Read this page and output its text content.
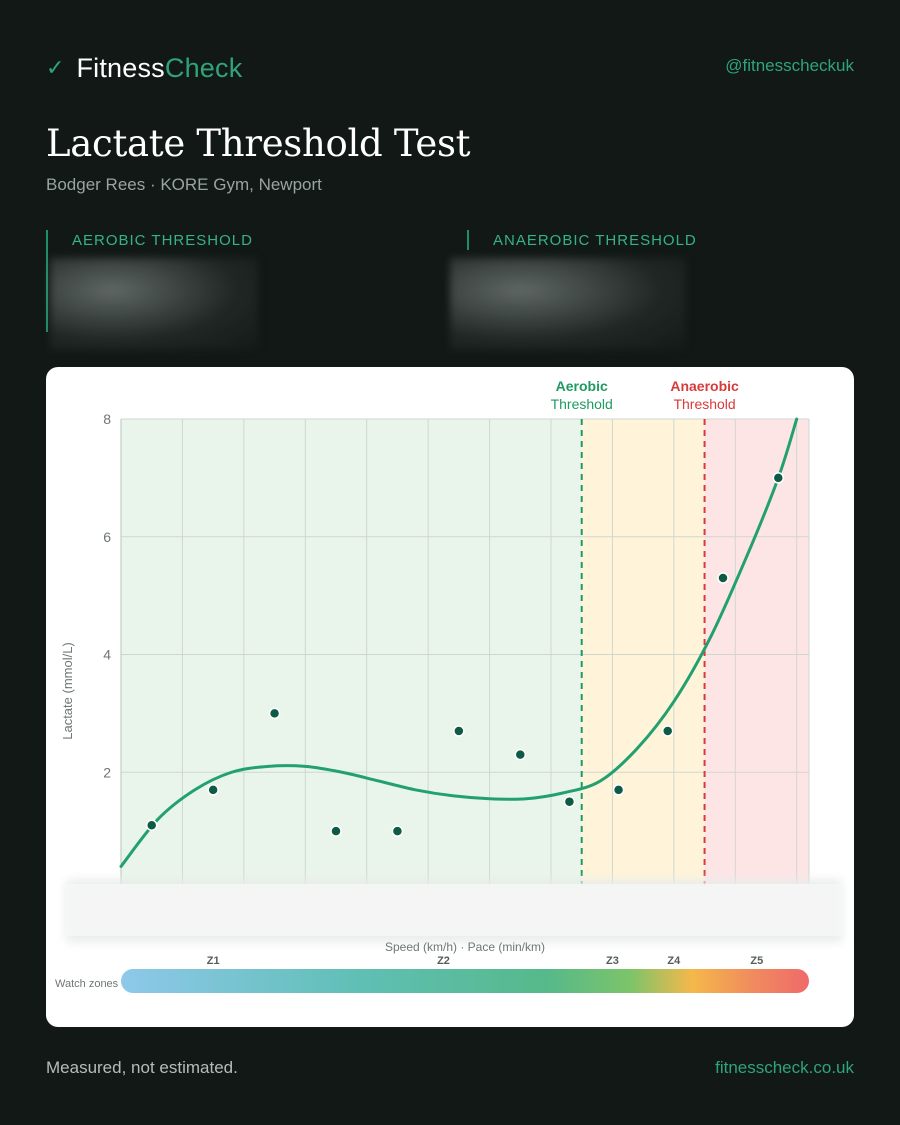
✓ FitnessCheck	@fitnesscheckuk
Lactate Threshold Test
Bodger Rees · KORE Gym, Newport
AEROBIC THRESHOLD	ANAEROBIC THRESHOLD
2
4
6
8
Aerobic
Threshold
Anaerobic
Threshold
Speed (km/h) · Pace (min/km)
Lactate (mmol/L)
Watch zones
Z1	Z2	Z3	Z4	Z5
Measured, not estimated.	fitnesscheck.co.uk
